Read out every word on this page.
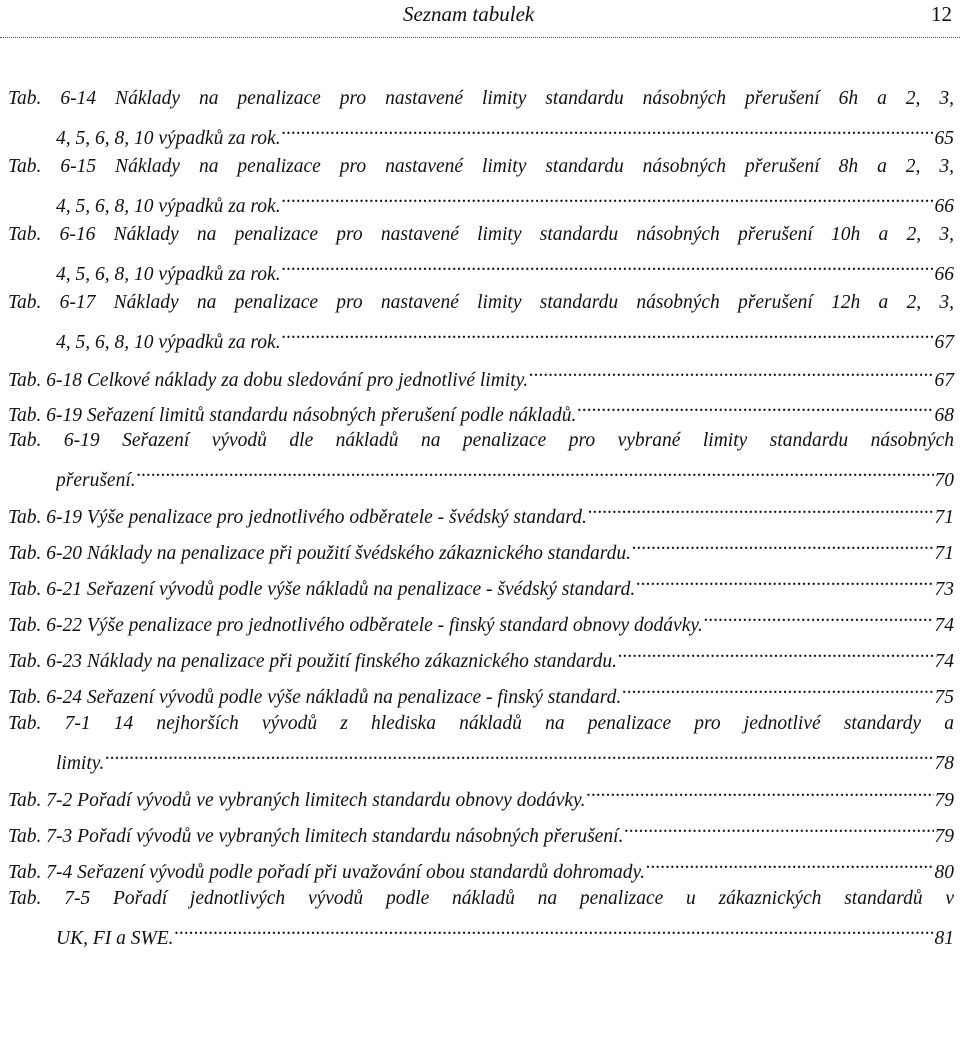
Seznam tabulek	12
Tab. 6-14 Náklady na penalizace pro nastavené limity standardu násobných přerušení 6h a 2, 3,
4, 5, 6, 8, 10 výpadků za rok. .....	65
Tab. 6-15 Náklady na penalizace pro nastavené limity standardu násobných přerušení 8h a 2, 3,
4, 5, 6, 8, 10 výpadků za rok. .....	66
Tab. 6-16 Náklady na penalizace pro nastavené limity standardu násobných přerušení 10h a 2, 3,
4, 5, 6, 8, 10 výpadků za rok. .....	66
Tab. 6-17 Náklady na penalizace pro nastavené limity standardu násobných přerušení 12h a 2, 3,
4, 5, 6, 8, 10 výpadků za rok. .....	67
Tab. 6-18 Celkové náklady za dobu sledování pro jednotlivé limity. .....	67
Tab. 6-19 Seřazení limitů standardu násobných přerušení podle nákladů. .....	68
Tab. 6-19 Seřazení vývodů dle nákladů na penalizace pro vybrané limity standardu násobných
přerušení. .....	70
Tab. 6-19 Výše penalizace pro jednotlivého odběratele - švédský standard. .....	71
Tab. 6-20 Náklady na penalizace při použití švédského zákaznického standardu. .....	71
Tab. 6-21 Seřazení vývodů podle výše nákladů na penalizace - švédský standard. .....	73
Tab. 6-22 Výše penalizace pro jednotlivého odběratele - finský standard obnovy dodávky. .....	74
Tab. 6-23 Náklady na penalizace při použití finského zákaznického standardu. .....	74
Tab. 6-24 Seřazení vývodů podle výše nákladů na penalizace - finský standard. .....	75
Tab. 7-1 14 nejhorších vývodů z hlediska nákladů na penalizace pro jednotlivé standardy a
limity. .....	78
Tab. 7-2 Pořadí vývodů ve vybraných limitech standardu obnovy dodávky. .....	79
Tab. 7-3 Pořadí vývodů ve vybraných limitech standardu násobných přerušení. .....	79
Tab. 7-4 Seřazení vývodů podle pořadí při uvažování obou standardů dohromady. .....	80
Tab. 7-5 Pořadí jednotlivých vývodů podle nákladů na penalizace u zákaznických standardů v
UK, FI a SWE. .....	81
